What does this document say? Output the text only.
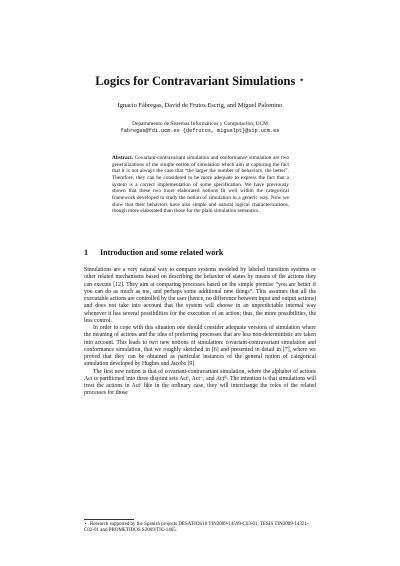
Logics for Contravariant Simulations ⋆
Ignacio Fábregas, David de Frutos Escrig, and Miguel Palomino
Departamento de Sistemas Informáticos y Computación, UCM
fabregas@fdi.ucm.es {defrutos, miguelpt}@sip.ucm.es
Abstract. Covariant-contravariant simulation and conformance simulation are two generalizations of the simple notion of simulation which aim at capturing the fact that it is not always the case that “the larger the number of behaviors, the better”. Therefore, they can be considered to be more adequate to express the fact that a system is a correct implementation of some specification. We have previously shown that these two more elaborated notions fit well within the categorical framework developed to study the notion of simulation in a generic way. Now we show that their behaviors have also simple and natural logical characterizations, though more elaborated than those for the plain simulation semantics.
1 Introduction and some related work

Simulations are a very natural way to compare systems modeled by labeled transition systems or other related mechanisms based on describing the behavior of states by means of the actions they can execute [12]. They aim at comparing processes based on the simple premise “you are better if you can do as much as me, and perhaps some additional new things”. This assumes that all the executable actions are controlled by the user (hence, no difference between input and output actions) and does not take into account that the system will choose in an unpredictable internal way whenever it has several possibilities for the execution of an action; thus, the more possibilities, the less control.

In order to cope with this situation one should consider adequate versions of simulation where the meaning of actions and the idea of preferring processes that are less non-deterministic are taken into account. This leads to two new notions of simulation: covariant-contravariant simulation and conformance simulation, that we roughly sketched in [6] and presented in detail in [7], where we proved that they can be obtained as particular instances of the general notion of categorical simulation developed by Hughes and Jacobs [9].

The first new notion is that of covariant-contravariant simulation, where the alphabet of actions Act is partitioned into three disjoint sets Actʳ, Act⁻, and Actᵇˡ. The intention is that simulations will treat the actions in Actʳ like in the ordinary case, they will interchange the roles of the related processes for those

⋆ Research supported by the Spanish projects DESAFIOS10 TIN2009-14599-C03-01, TESIS TIN2009-14321-C02-01 and PROMETIDOS S2009/TIC-1465.
